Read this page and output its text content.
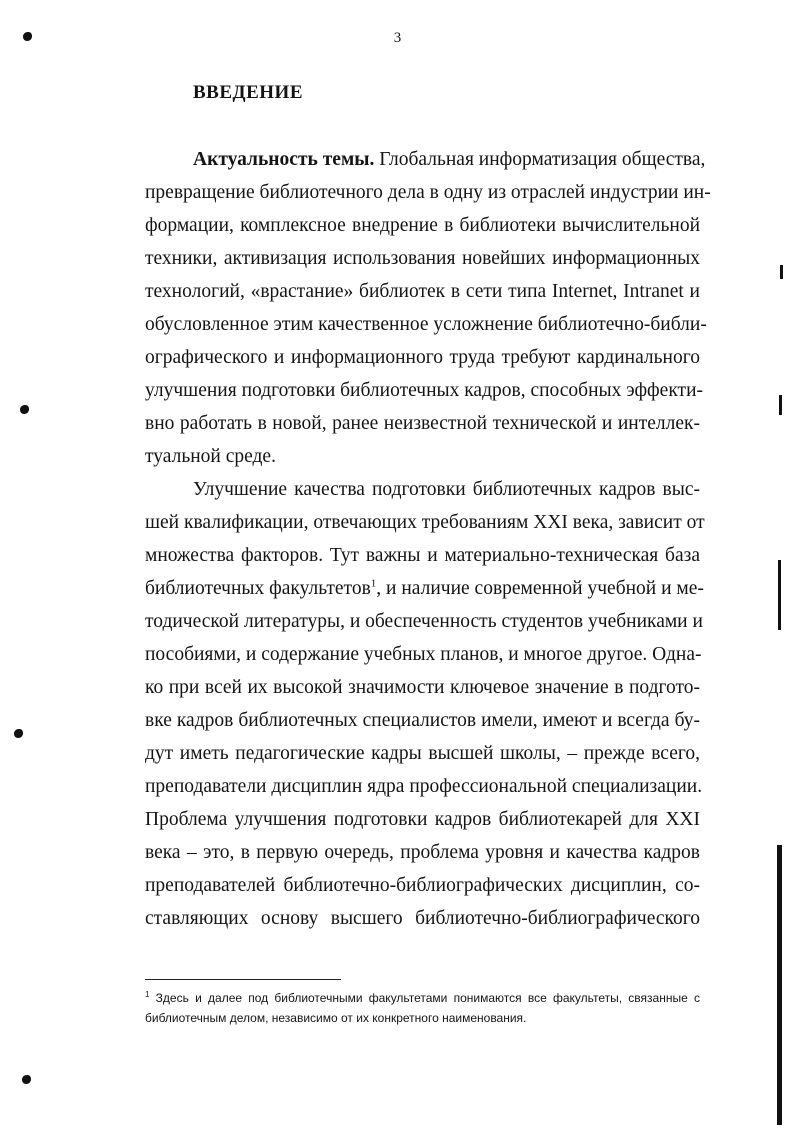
3
ВВЕДЕНИЕ
Актуальность темы. Глобальная информатизация общества,
превращение библиотечного дела в одну из отраслей индустрии ин-
формации, комплексное внедрение в библиотеки вычислительной
техники, активизация использования новейших информационных
технологий, «врастание» библиотек в сети типа Internet, Intranet и
обусловленное этим качественное усложнение библиотечно-библи-
ографического и информационного труда требуют кардинального
улучшения подготовки библиотечных кадров, способных эффекти-
вно работать в новой, ранее неизвестной технической и интеллек-
туальной среде.
Улучшение качества подготовки библиотечных кадров выс-
шей квалификации, отвечающих требованиям XXI века, зависит от
множества факторов. Тут важны и материально-техническая база
библиотечных факультетов$^1$, и наличие современной учебной и ме-
тодической литературы, и обеспеченность студентов учебниками и
пособиями, и содержание учебных планов, и многое другое. Однa-
ко при всей их высокой значимости ключевое значение в подгото-
вке кадров библиотечных специалистов имели, имеют и всегда бу-
дут иметь педагогические кадры высшей школы, – прежде всего,
преподаватели дисциплин ядра профессиональной специализации.
Проблема улучшения подготовки кадров библиотекарей для XXI
века – это, в первую очередь, проблема уровня и качества кадров
преподавателей библиотечно-библиографических дисциплин, со-
ставляющих основу высшего библиотечно-библиографического
$^1$ Здесь и далее под библиотечными факультетами понимаются все факультеты, связанные с
библиотечным делом, независимо от их конкретного наименования.
